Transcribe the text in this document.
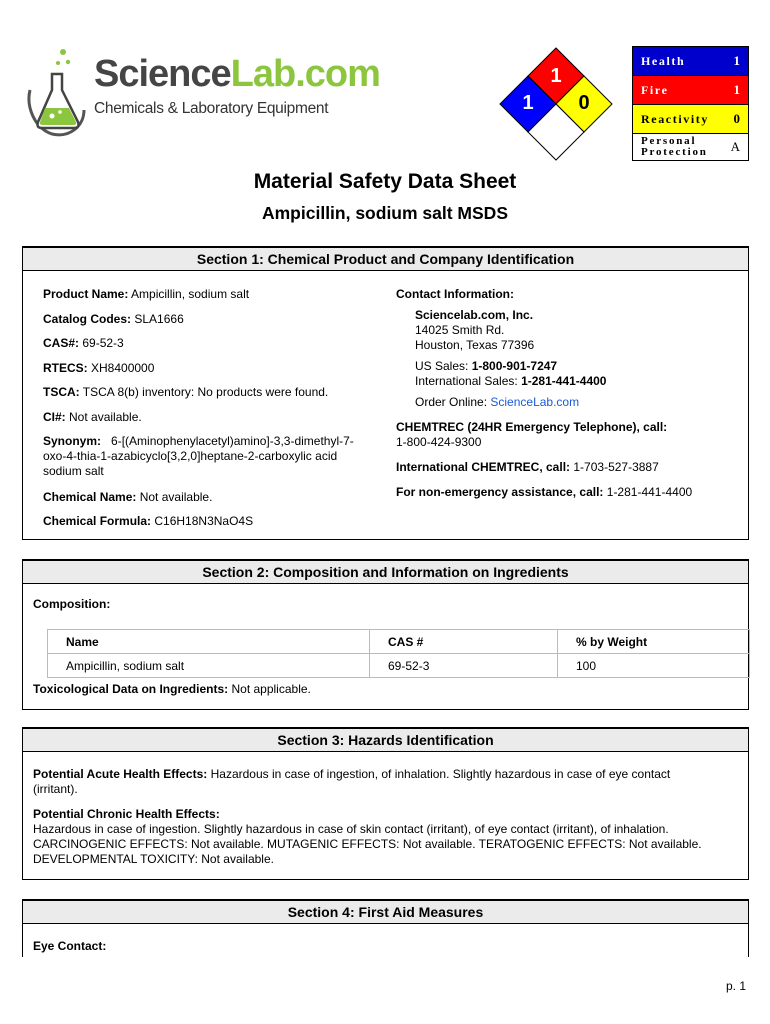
ScienceLab.com
Chemicals & Laboratory Equipment
1
1	0
Health	1
Fire	1
Reactivity 0
Personal
Protection A
Material Safety Data Sheet
Ampicillin, sodium salt MSDS
Section 1: Chemical Product and Company Identification
Product Name: Ampicillin, sodium salt
Catalog Codes: SLA1666
CAS#: 69-52-3
RTECS: XH8400000
TSCA: TSCA 8(b) inventory: No products were found.
CI#: Not available.
Synonym: 6-[(Aminophenylacetyl)amino]-3,3-dimethyl-7-
oxo-4-thia-1-azabicyclo[3,2,0]heptane-2-carboxylic acid
sodium salt
Chemical Name: Not available.
Chemical Formula: C16H18N3NaO4S
Contact Information:
Sciencelab.com, Inc.
14025 Smith Rd.
Houston, Texas 77396
US Sales: 1-800-901-7247
International Sales: 1-281-441-4400
Order Online: ScienceLab.com
CHEMTREC (24HR Emergency Telephone), call:
1-800-424-9300
International CHEMTREC, call: 1-703-527-3887
For non-emergency assistance, call: 1-281-441-4400
Section 2: Composition and Information on Ingredients
Composition:
Name	CAS #	% by Weight
Ampicillin, sodium salt	69-52-3	100
Toxicological Data on Ingredients: Not applicable.
Section 3: Hazards Identification
Potential Acute Health Effects: Hazardous in case of ingestion, of inhalation. Slightly hazardous in case of eye contact
(irritant).
Potential Chronic Health Effects:
Hazardous in case of ingestion. Slightly hazardous in case of skin contact (irritant), of eye contact (irritant), of inhalation.
CARCINOGENIC EFFECTS: Not available. MUTAGENIC EFFECTS: Not available. TERATOGENIC EFFECTS: Not available.
DEVELOPMENTAL TOXICITY: Not available.
Section 4: First Aid Measures
Eye Contact:
p. 1
